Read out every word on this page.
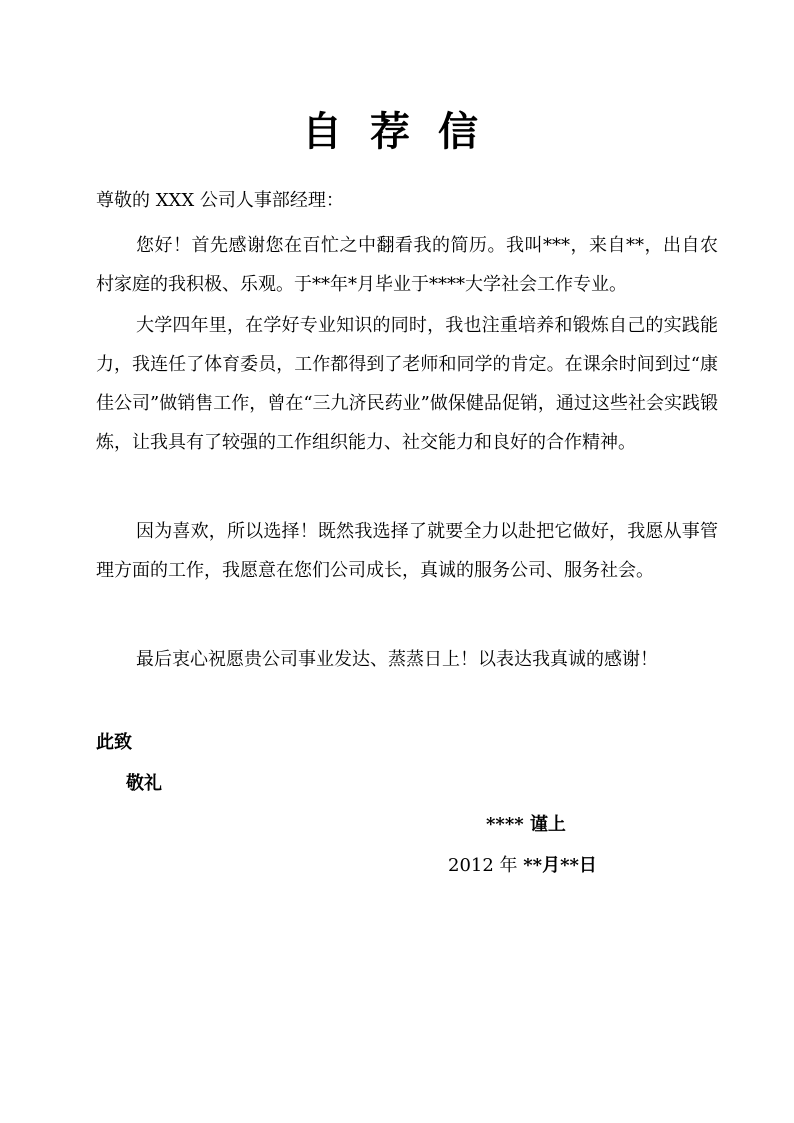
自荐信
尊敬的 XXX 公司人事部经理：

您好！首先感谢您在百忙之中翻看我的简历。我叫***，来自**，出自农村家庭的我积极、乐观。于**年*月毕业于****大学社会工作专业。

大学四年里，在学好专业知识的同时，我也注重培养和锻炼自己的实践能力，我连任了体育委员，工作都得到了老师和同学的肯定。在课余时间到过“康佳公司”做销售工作，曾在“三九济民药业”做保健品促销，通过这些社会实践锻炼，让我具有了较强的工作组织能力、社交能力和良好的合作精神。

因为喜欢，所以选择！既然我选择了就要全力以赴把它做好，我愿从事管理方面的工作，我愿意在您们公司成长，真诚的服务公司、服务社会。

最后衷心祝愿贵公司事业发达、蒸蒸日上！以表达我真诚的感谢！

此致
敬礼
**** 谨上
2012 年 **月**日
